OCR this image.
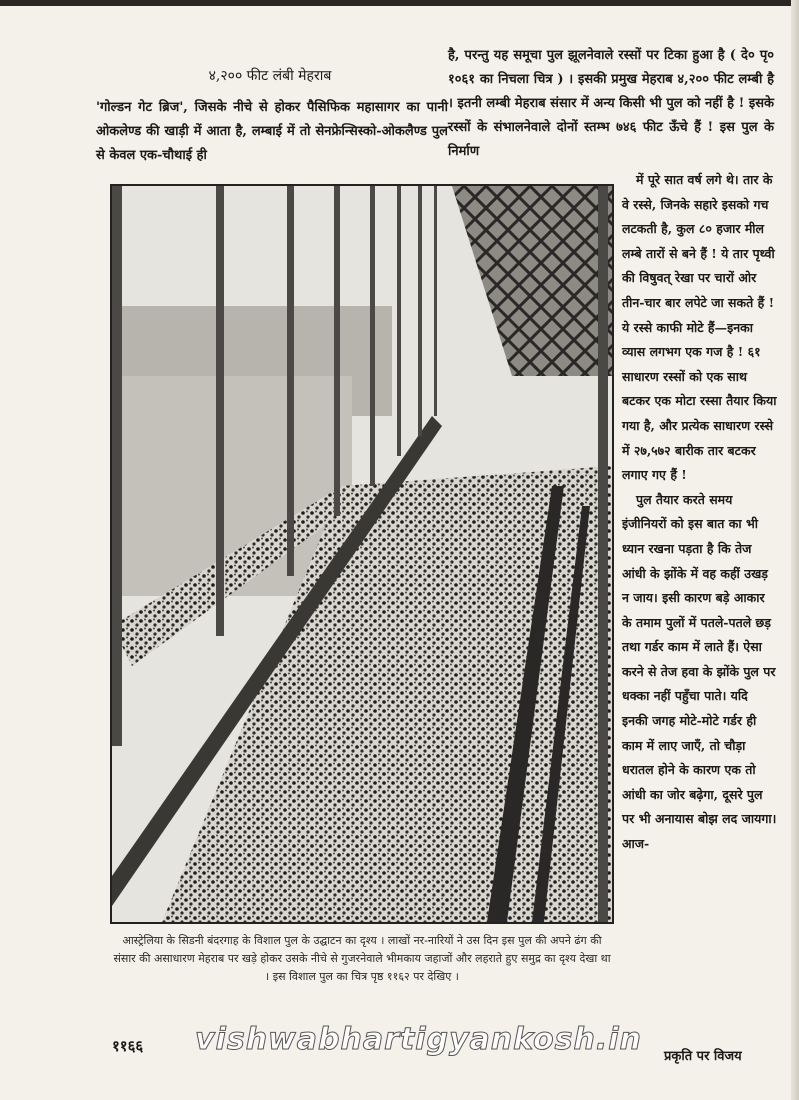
४,२०० फीट लंबी मेहराब
'गोल्डन गेट ब्रिज', जिसके नीचे से होकर पैसिफिक महासागर का पानी ओकलेण्ड की खाड़ी में आता है, लम्बाई में तो सेनफ्रेन्सिस्को-ओकलैण्ड पुल से केवल एक-चौथाई ही
है, परन्तु यह समूचा पुल झूलनेवाले रस्सों पर टिका हुआ है ( दे० पृ० १०६१ का निचला चित्र ) । इसकी प्रमुख मेहराब ४,२०० फीट लम्बी है । इतनी लम्बी मेहराब संसार में अन्य किसी भी पुल को नहीं है ! इसके रस्सों के संभालनेवाले दोनों स्तम्भ ७४६ फीट ऊँचे हैं ! इस पुल के निर्माण

में पूरे सात वर्ष लगे थे। तार के वे रस्से, जिनके सहारे इसको गच लटकती है, कुल ८० हजार मील लम्बे तारों से बने हैं ! ये तार पृथ्वी की विषुवत् रेखा पर चारों ओर तीन-चार बार लपेटे जा सकते हैं ! ये रस्से काफी मोटे हैं—इनका व्यास लगभग एक गज है ! ६१ साधारण रस्सों को एक साथ बटकर एक मोटा रस्सा तैयार किया गया है, और प्रत्येक साधारण रस्से में २७,५७२ बारीक तार बटकर लगाए गए हैं !

पुल तैयार करते समय इंजीनियरों को इस बात का भी ध्यान रखना पड़ता है कि तेज आंधी के झोंके में वह कहीं उखड़ न जाय। इसी कारण बड़े आकार के तमाम पुलों में पतले-पतले छड़ तथा गर्डर काम में लाते हैं। ऐसा करने से तेज हवा के झोंके पुल पर धक्का नहीं पहुँचा पाते। यदि इनकी जगह मोटे-मोटे गर्डर ही काम में लाए जाएँ, तो चौड़ा धरातल होने के कारण एक तो आंधी का जोर बढ़ेगा, दूसरे पुल पर भी अनायास बोझ लद जायगा। आज-

आस्ट्रेलिया के सिडनी बंदरगाह के विशाल पुल के उद्घाटन का दृश्य । लाखों नर-नारियों ने उस दिन इस पुल की अपने ढंग की संसार की असाधारण मेहराब पर खड़े होकर उसके नीचे से गुजरनेवाले भीमकाय जहाजों और लहराते हुए समुद्र का दृश्य देखा था । इस विशाल पुल का चित्र पृष्ठ ११६२ पर देखिए ।
११६६ vishwabhartigyankosh.in प्रकृति पर विजय
